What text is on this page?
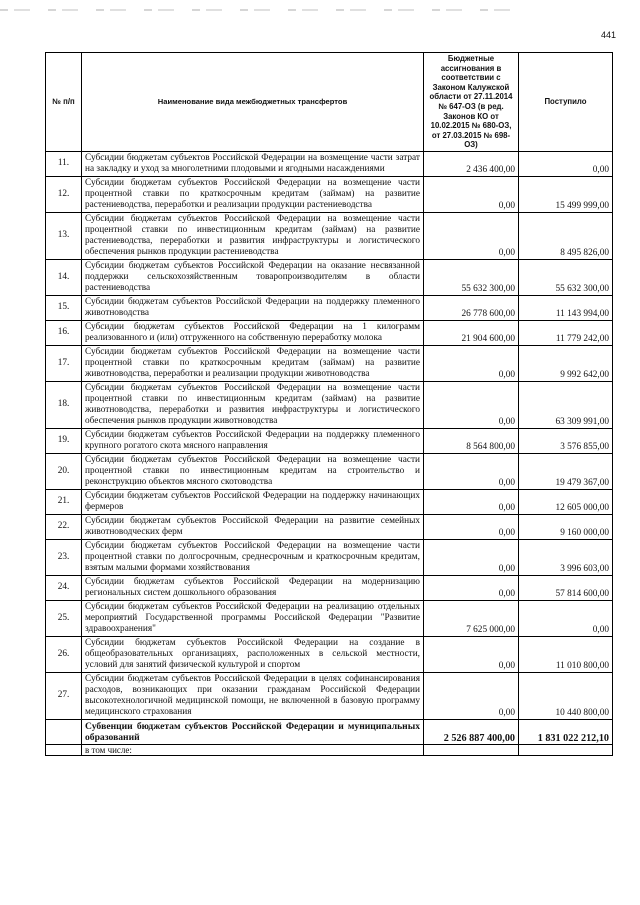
441
№ п/п	Наименование вида межбюджетных трансфертов	Бюджетные ассигнования в соответствии с Законом Калужской области от 27.11.2014 № 647-ОЗ (в ред. Законов КО от 10.02.2015 № 680-ОЗ, от 27.03.2015 № 698-ОЗ)	Поступило
11.	Субсидии бюджетам субъектов Российской Федерации на возмещение части затрат на закладку и уход за многолетними плодовыми и ягодными насаждениями	2 436 400,00	0,00
12.	Субсидии бюджетам субъектов Российской Федерации на возмещение части процентной ставки по краткосрочным кредитам (займам) на развитие растениеводства, переработки и реализации продукции растениеводства	0,00	15 499 999,00
13.	Субсидии бюджетам субъектов Российской Федерации на возмещение части процентной ставки по инвестиционным кредитам (займам) на развитие растениеводства, переработки и развития инфраструктуры и логистического обеспечения рынков продукции растениеводства	0,00	8 495 826,00
14.	Субсидии бюджетам субъектов Российской Федерации на оказание несвязанной поддержки сельскохозяйственным товаропроизводителям в области растениеводства	55 632 300,00	55 632 300,00
15.	Субсидии бюджетам субъектов Российской Федерации на поддержку племенного животноводства	26 778 600,00	11 143 994,00
16.	Субсидии бюджетам субъектов Российской Федерации на 1 килограмм реализованного и (или) отгруженного на собственную переработку молока	21 904 600,00	11 779 242,00
17.	Субсидии бюджетам субъектов Российской Федерации на возмещение части процентной ставки по краткосрочным кредитам (займам) на развитие животноводства, переработки и реализации продукции животноводства	0,00	9 992 642,00
18.	Субсидии бюджетам субъектов Российской Федерации на возмещение части процентной ставки по инвестиционным кредитам (займам) на развитие животноводства, переработки и развития инфраструктуры и логистического обеспечения рынков продукции животноводства	0,00	63 309 991,00
19.	Субсидии бюджетам субъектов Российской Федерации на поддержку племенного крупного рогатого скота мясного направления	8 564 800,00	3 576 855,00
20.	Субсидии бюджетам субъектов Российской Федерации на возмещение части процентной ставки по инвестиционным кредитам на строительство и реконструкцию объектов мясного скотоводства	0,00	19 479 367,00
21.	Субсидии бюджетам субъектов Российской Федерации на поддержку начинающих фермеров	0,00	12 605 000,00
22.	Субсидии бюджетам субъектов Российской Федерации на развитие семейных животноводческих ферм	0,00	9 160 000,00
23.	Субсидии бюджетам субъектов Российской Федерации на возмещение части процентной ставки по долгосрочным, среднесрочным и краткосрочным кредитам, взятым малыми формами хозяйствования	0,00	3 996 603,00
24.	Субсидии бюджетам субъектов Российской Федерации на модернизацию региональных систем дошкольного образования	0,00	57 814 600,00
25.	Субсидии бюджетам субъектов Российской Федерации на реализацию отдельных мероприятий Государственной программы Российской Федерации "Развитие здравоохранения"	7 625 000,00	0,00
26.	Субсидии бюджетам субъектов Российской Федерации на создание в общеобразовательных организациях, расположенных в сельской местности, условий для занятий физической культурой и спортом	0,00	11 010 800,00
27.	Субсидии бюджетам субъектов Российской Федерации в целях софинансирования расходов, возникающих при оказании гражданам Российской Федерации высокотехнологичной медицинской помощи, не включенной в базовую программу медицинского страхования	0,00	10 440 800,00
	Субвенции бюджетам субъектов Российской Федерации и муниципальных образований	2 526 887 400,00	1 831 022 212,10
	в том числе:		
